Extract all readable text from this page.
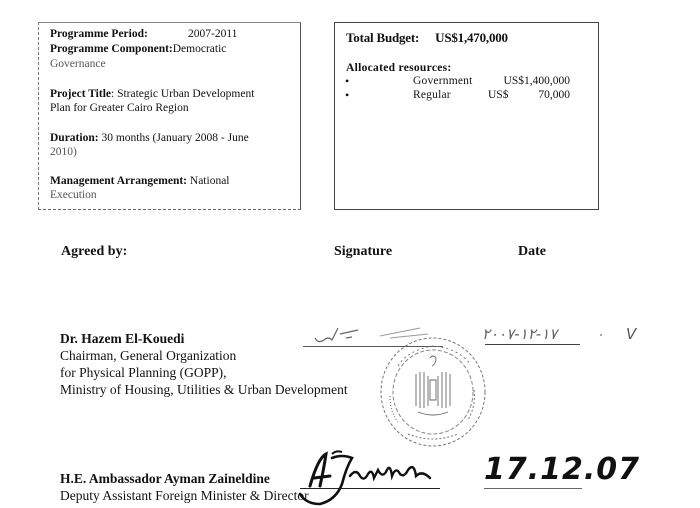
Programme Period:	2007-2011
Programme Component:Democratic
Governance
Project Title: Strategic Urban Development
Plan for Greater Cairo Region
Duration: 30 months (January 2008 - June
2010)
Management Arrangement: National
Execution
Total Budget: US$1,470,000
Allocated resources:
•	Government	US$1,400,000
•	Regular	US$	70,000
Agreed by:	Signature	Date
Dr. Hazem El-Kouedi
Chairman, General Organization
for Physical Planning (GOPP),
Ministry of Housing, Utilities & Urban Development
١٧-١٢-٢٠٠٧	V
H.E. Ambassador Ayman Zaineldine
Deputy Assistant Foreign Minister & Director
17.12.07
